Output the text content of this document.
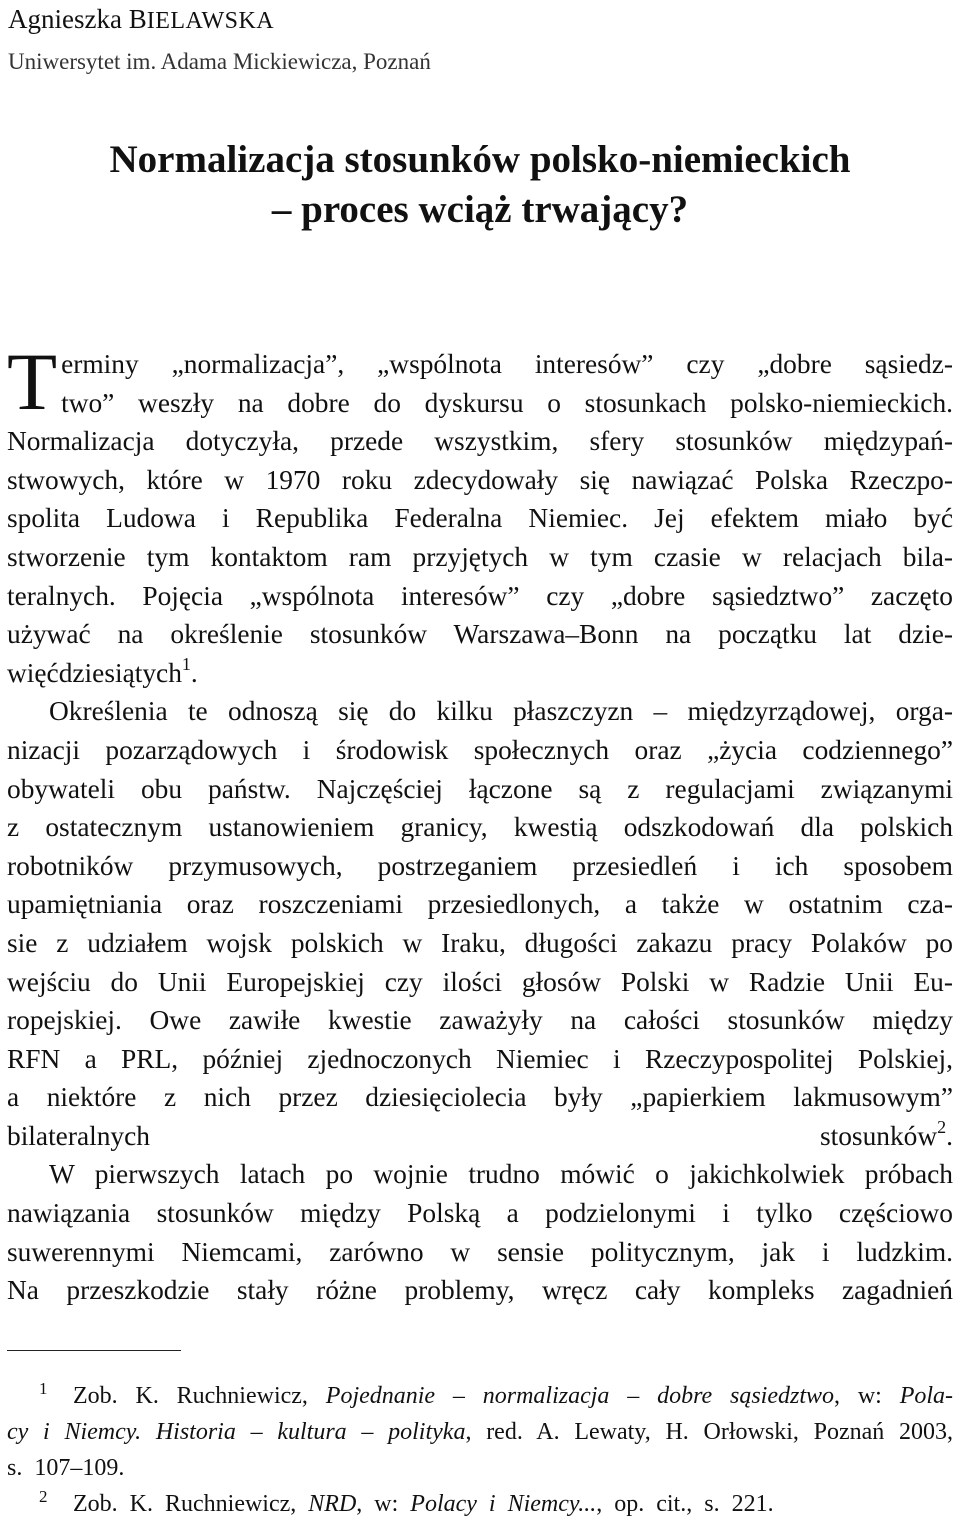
Agnieszka BIELAWSKA
Uniwersytet im. Adama Mickiewicza, Poznań
Normalizacja stosunków polsko-niemieckich
– proces wciąż trwający?

T erminy „normalizacja”, „wspólnota interesów” czy „dobre sąsiedz-
two” weszły na dobre do dyskursu o stosunkach polsko-niemieckich.
Normalizacja dotyczyła, przede wszystkim, sfery stosunków międzypań-
stwowych, które w 1970 roku zdecydowały się nawiązać Polska Rzeczpo-
spolita Ludowa i Republika Federalna Niemiec. Jej efektem miało być
stworzenie tym kontaktom ram przyjętych w tym czasie w relacjach bila-
teralnych. Pojęcia „wspólnota interesów” czy „dobre sąsiedztwo” zaczęto
używać na określenie stosunków Warszawa–Bonn na początku lat dzie-
więćdziesiątych$^1$.

Określenia te odnoszą się do kilku płaszczyzn – międzyrządowej, orga-
nizacji pozarządowych i środowisk społecznych oraz „życia codziennego”
obywateli obu państw. Najczęściej łączone są z regulacjami związanymi
z ostatecznym ustanowieniem granicy, kwestią odszkodowań dla polskich
robotników przymusowych, postrzeganiem przesiedleń i ich sposobem
upamiętniania oraz roszczeniami przesiedlonych, a także w ostatnim cza-
sie z udziałem wojsk polskich w Iraku, długości zakazu pracy Polaków po
wejściu do Unii Europejskiej czy ilości głosów Polski w Radzie Unii Eu-
ropejskiej. Owe zawiłe kwestie zaważyły na całości stosunków między
RFN a PRL, później zjednoczonych Niemiec i Rzeczypospolitej Polskiej,
a niektóre z nich przez dziesięciolecia były „papierkiem lakmusowym”
bilateralnych  stosunków$^2$.

W pierwszych latach po wojnie trudno mówić o jakichkolwiek próbach
nawiązania stosunków między Polską a podzielonymi i tylko częściowo
suwerennymi Niemcami, zarówno w sensie politycznym, jak i ludzkim.
Na przeszkodzie stały różne problemy, wręcz cały kompleks zagadnień

1 Zob. K. Ruchniewicz, Pojednanie – normalizacja – dobre sąsiedztwo, w: Pola-
cy i Niemcy. Historia – kultura – polityka, red. A. Lewaty, H. Orłowski, Poznań 2003,
s.  107–109.
2 Zob.  K.  Ruchniewicz,  NRD,  w:  Polacy  i  Niemcy...,  op.  cit.,  s.  221.
